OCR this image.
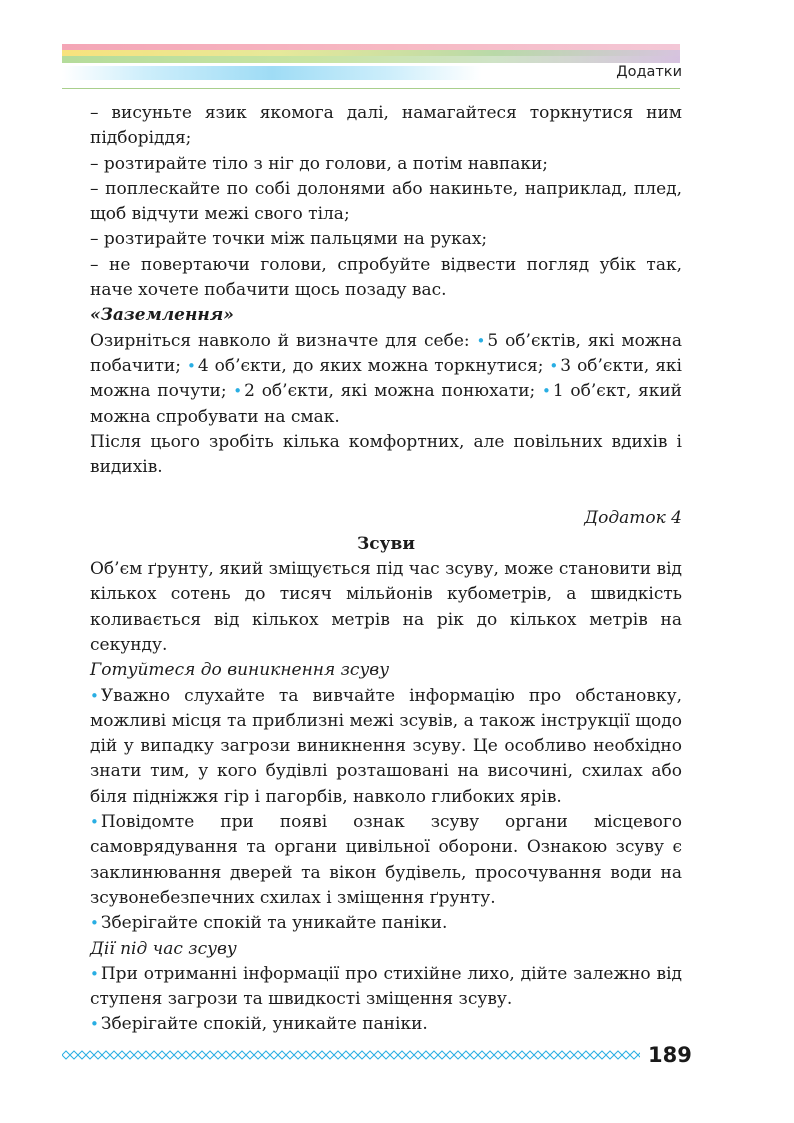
Додатки

– висуньте язик якомога далі, намагайтеся торкнутися ним підборіддя;

– розтирайте тіло з ніг до голови, а потім навпаки;

– поплескайте по собі долонями або накиньте, наприклад, плед, щоб відчути межі свого тіла;

– розтирайте точки між пальцями на руках;

– не повертаючи голови, спробуйте відвести погляд убік так, наче хочете побачити щось позаду вас.

«Заземлення»

Озирніться навколо й визначте для себе: • 5 об’єктів, які можна побачити; • 4 об’єкти, до яких можна торкнутися; • 3 об’єкти, які можна почути; • 2 об’єкти, які можна понюхати; • 1 об’єкт, який можна спробувати на смак.

Після цього зробіть кілька комфортних, але повільних вдихів і видихів.

Додаток 4

Зсуви

Об’єм ґрунту, який зміщується під час зсуву, може становити від кількох сотень до тисяч мільйонів кубометрів, а швидкість коливається від кількох метрів на рік до кількох метрів на секунду.

Готуйтеся до виникнення зсуву

• Уважно слухайте та вивчайте інформацію про обстановку, можливі місця та приблизні межі зсувів, а також інструкції щодо дій у випадку загрози виникнення зсуву. Це особливо необхідно знати тим, у кого будівлі розташовані на височині, схилах або біля підніжжя гір і пагорбів, навколо глибоких ярів.

• Повідомте при появі ознак зсуву органи місцевого самоврядування та органи цивільної оборони. Ознакою зсуву є заклинювання дверей та вікон будівель, просочування води на зсувонебезпечних схилах і зміщення ґрунту.

• Зберігайте спокій та уникайте паніки.

Дії під час зсуву

• При отриманні інформації про стихійне лихо, дійте залежно від ступеня загрози та швидкості зміщення зсуву.

• Зберігайте спокій, уникайте паніки.

189
